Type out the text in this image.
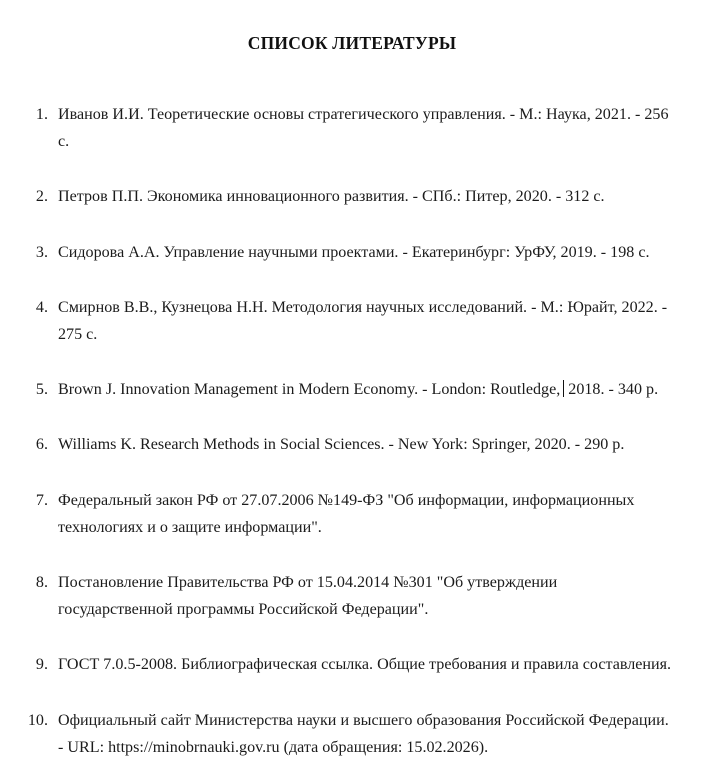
СПИСОК ЛИТЕРАТУРЫ
1. Иванов И.И. Теоретические основы стратегического управления. - М.: Наука, 2021. - 256 с.
2. Петров П.П. Экономика инновационного развития. - СПб.: Питер, 2020. - 312 с.
3. Сидорова А.А. Управление научными проектами. - Екатеринбург: УрФУ, 2019. - 198 с.
4. Смирнов В.В., Кузнецова Н.Н. Методология научных исследований. - М.: Юрайт, 2022. - 275 с.
5. Brown J. Innovation Management in Modern Economy. - London: Routledge, 2018. - 340 p.
6. Williams K. Research Methods in Social Sciences. - New York: Springer, 2020. - 290 p.
7. Федеральный закон РФ от 27.07.2006 №149-ФЗ "Об информации, информационных технологиях и о защите информации".
8. Постановление Правительства РФ от 15.04.2014 №301 "Об утверждении государственной программы Российской Федерации".
9. ГОСТ 7.0.5-2008. Библиографическая ссылка. Общие требования и правила составления.
10. Официальный сайт Министерства науки и высшего образования Российской Федерации. - URL: https://minobrnauki.gov.ru (дата обращения: 15.02.2026).
